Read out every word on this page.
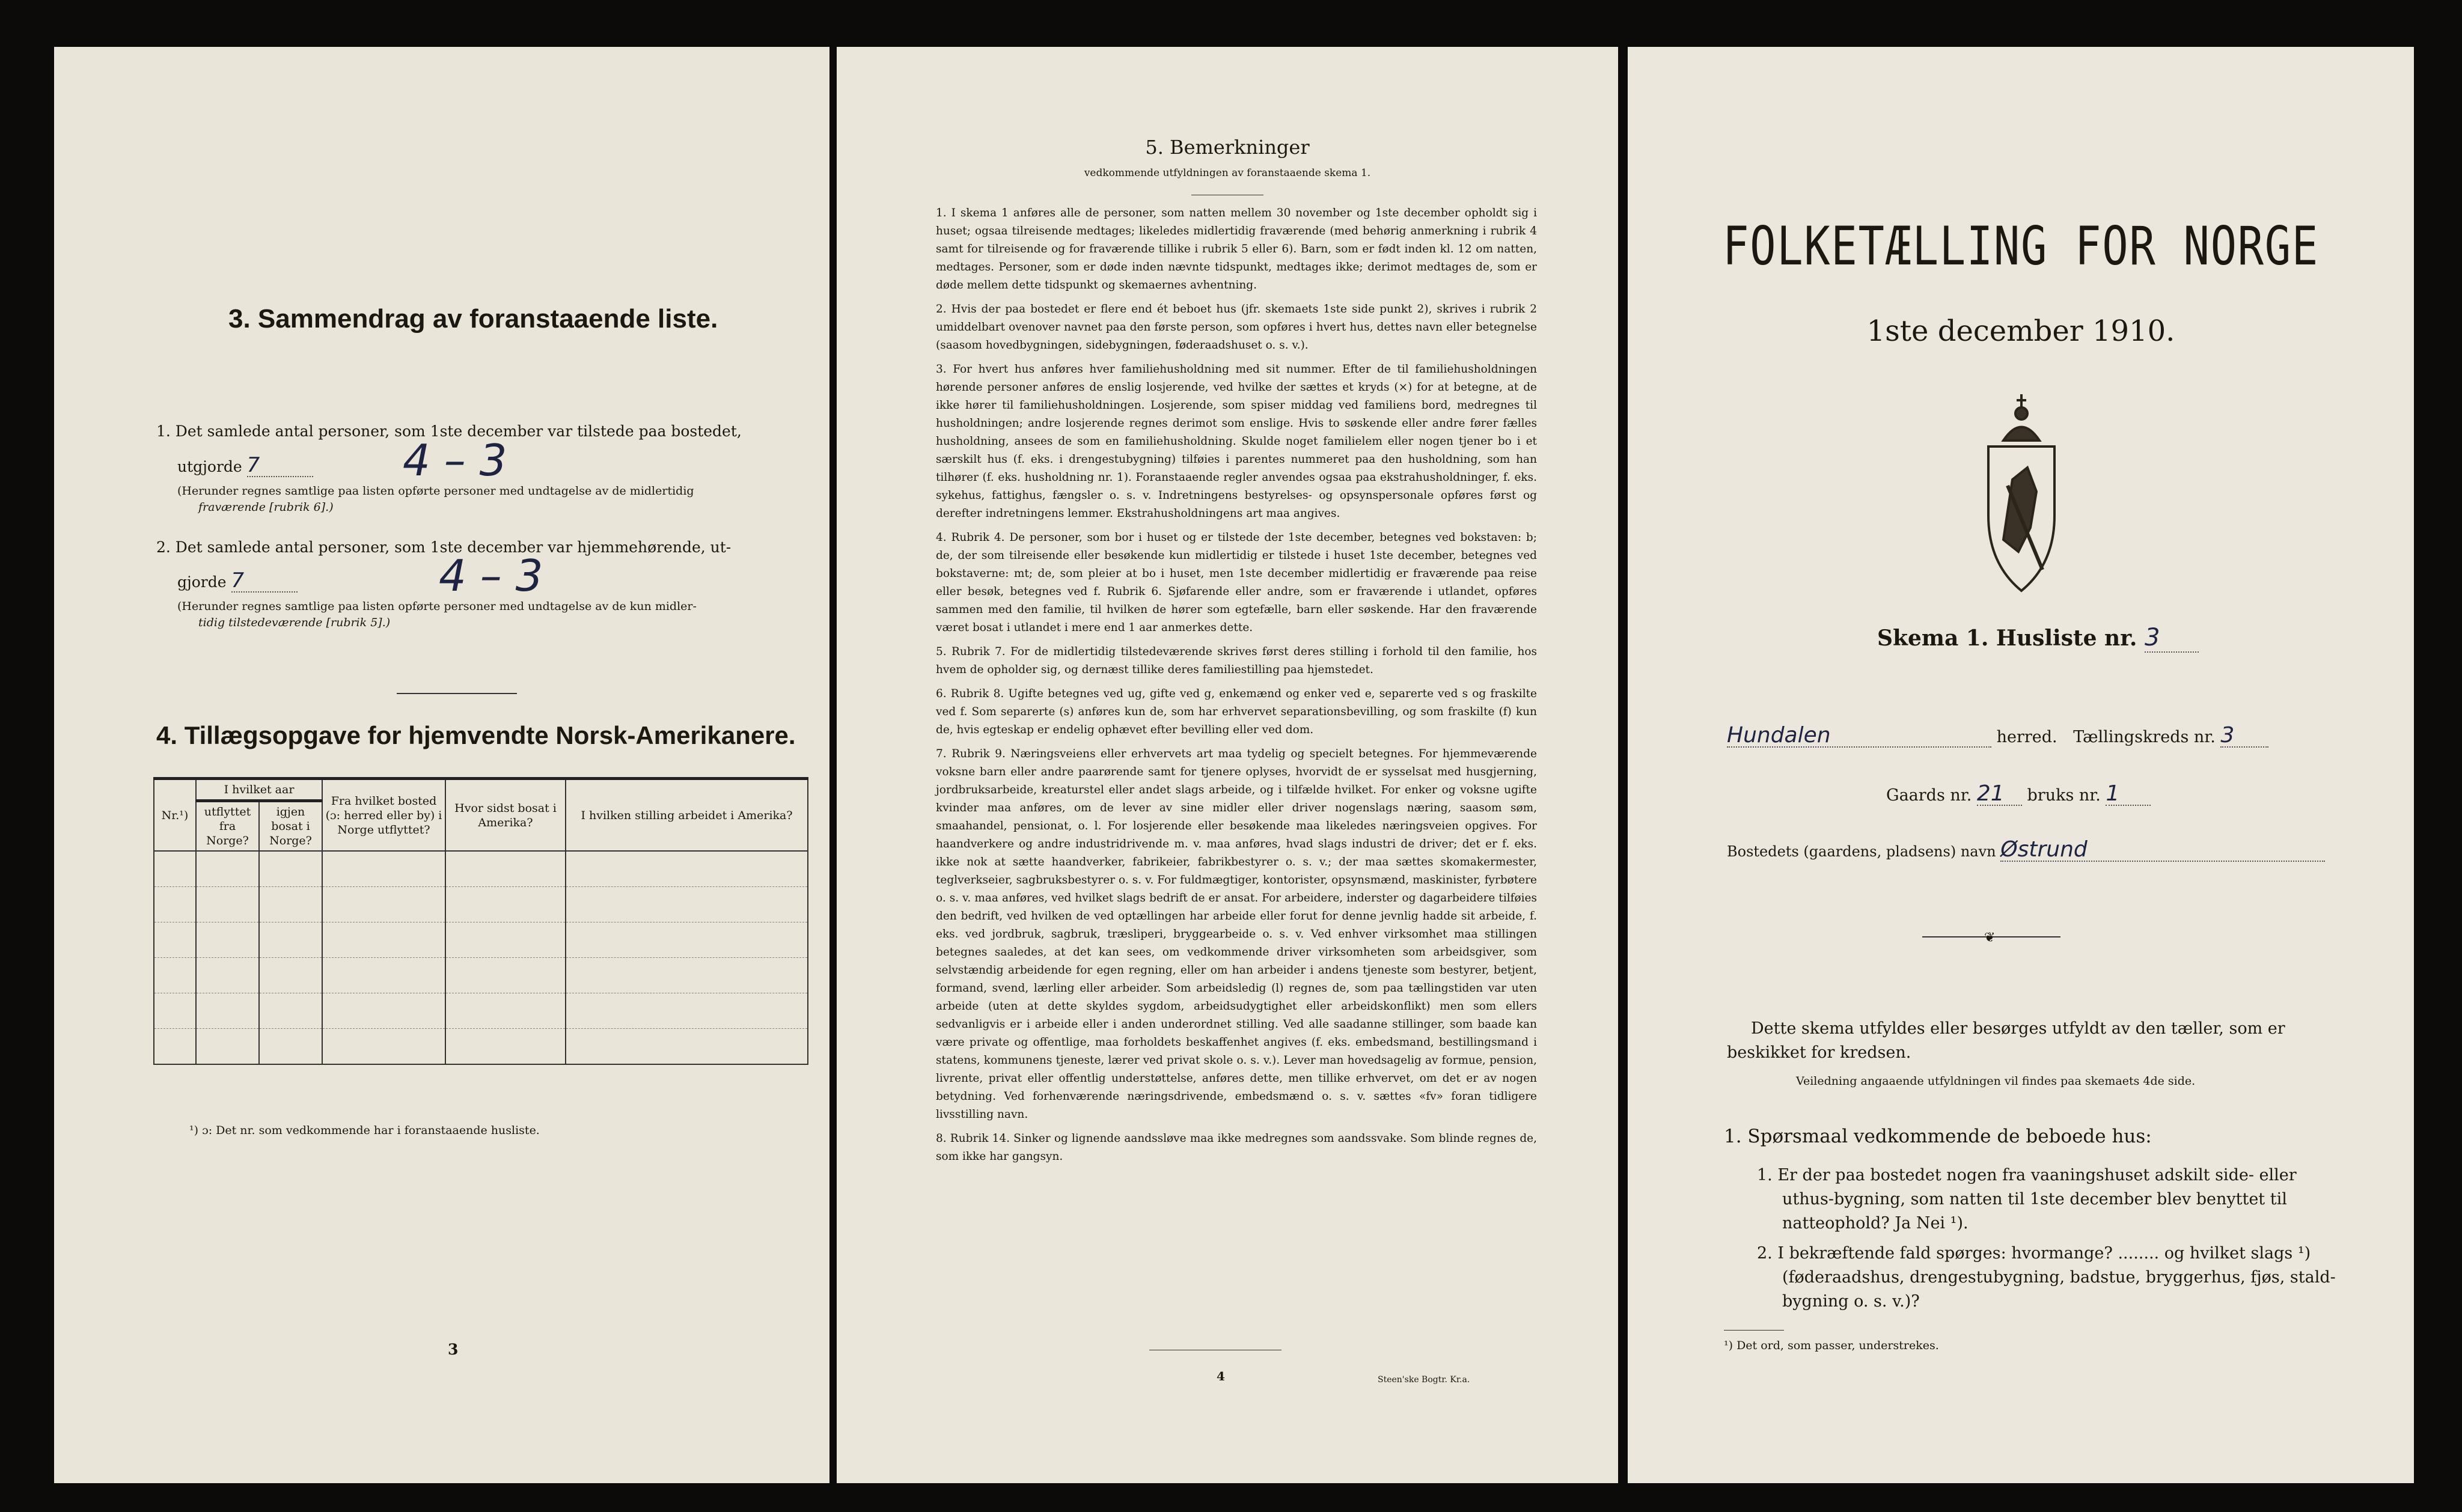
3. Sammendrag av foranstaaende liste.
1. Det samlede antal personer, som 1ste december var tilstede paa bostedet,
utgjorde 7	4 – 3
(Herunder regnes samtlige paa listen opførte personer med undtagelse av de midlertidig
fraværende [rubrik 6].)
2. Det samlede antal personer, som 1ste december var hjemmehørende, ut-
gjorde 7	4 – 3
(Herunder regnes samtlige paa listen opførte personer med undtagelse av de kun midler-
tidig tilstedeværende [rubrik 5].)
4. Tillægsopgave for hjemvendte Norsk-Amerikanere.
Nr.¹)	I hvilket aar		Fra hvilket bosted (ɔ: herred eller by) i Norge utflyttet?	Hvor sidst bosat i Amerika?	I hvilken stilling arbeidet i Amerika?
	utflyttet fra Norge?	igjen bosat i Norge?			

¹) ɔ: Det nr. som vedkommende har i foranstaaende husliste.
3
5. Bemerkninger
vedkommende utfyldningen av foranstaaende skema 1.

1. I skema 1 anføres alle de personer, som natten mellem 30 november og 1ste december opholdt sig i huset; ogsaa tilreisende medtages; likeledes midlertidig fraværende (med behørig anmerkning i rubrik 4 samt for tilreisende og for fraværende tillike i rubrik 5 eller 6). Barn, som er født inden kl. 12 om natten, medtages. Personer, som er døde inden nævnte tidspunkt, medtages ikke; derimot medtages de, som er døde mellem dette tidspunkt og skemaernes avhentning.

2. Hvis der paa bostedet er flere end ét beboet hus (jfr. skemaets 1ste side punkt 2), skrives i rubrik 2 umiddelbart ovenover navnet paa den første person, som opføres i hvert hus, dettes navn eller betegnelse (saasom hovedbygningen, sidebygningen, føderaadshuset o. s. v.).

3. For hvert hus anføres hver familiehusholdning med sit nummer. Efter de til familiehusholdningen hørende personer anføres de enslig losjerende, ved hvilke der sættes et kryds (×) for at betegne, at de ikke hører til familiehusholdningen. Losjerende, som spiser middag ved familiens bord, medregnes til husholdningen; andre losjerende regnes derimot som enslige. Hvis to søskende eller andre fører fælles husholdning, ansees de som en familiehusholdning. Skulde noget familielem eller nogen tjener bo i et særskilt hus (f. eks. i drengestubygning) tilføies i parentes nummeret paa den husholdning, som han tilhører (f. eks. husholdning nr. 1). Foranstaaende regler anvendes ogsaa paa ekstrahusholdninger, f. eks. sykehus, fattighus, fængsler o. s. v. Indretningens bestyrelses- og opsynspersonale opføres først og derefter indretningens lemmer. Ekstrahusholdningens art maa angives.

4. Rubrik 4. De personer, som bor i huset og er tilstede der 1ste december, betegnes ved bokstaven: b; de, der som tilreisende eller besøkende kun midlertidig er tilstede i huset 1ste december, betegnes ved bokstaverne: mt; de, som pleier at bo i huset, men 1ste december midlertidig er fraværende paa reise eller besøk, betegnes ved f. Rubrik 6. Sjøfarende eller andre, som er fraværende i utlandet, opføres sammen med den familie, til hvilken de hører som egtefælle, barn eller søskende. Har den fraværende været bosat i utlandet i mere end 1 aar anmerkes dette.

5. Rubrik 7. For de midlertidig tilstedeværende skrives først deres stilling i forhold til den familie, hos hvem de opholder sig, og dernæst tillike deres familiestilling paa hjemstedet.

6. Rubrik 8. Ugifte betegnes ved ug, gifte ved g, enkemænd og enker ved e, separerte ved s og fraskilte ved f. Som separerte (s) anføres kun de, som har erhvervet separationsbevilling, og som fraskilte (f) kun de, hvis egteskap er endelig ophævet efter bevilling eller ved dom.

7. Rubrik 9. Næringsveiens eller erhvervets art maa tydelig og specielt betegnes. For hjemmeværende voksne barn eller andre paarørende samt for tjenere oplyses, hvorvidt de er sysselsat med husgjerning, jordbruksarbeide, kreaturstel eller andet slags arbeide, og i tilfælde hvilket. For enker og voksne ugifte kvinder maa anføres, om de lever av sine midler eller driver nogenslags næring, saasom søm, smaahandel, pensionat, o. l. For losjerende eller besøkende maa likeledes næringsveien opgives. For haandverkere og andre industridrivende m. v. maa anføres, hvad slags industri de driver; det er f. eks. ikke nok at sætte haandverker, fabrikeier, fabrikbestyrer o. s. v.; der maa sættes skomakermester, teglverkseier, sagbruksbestyrer o. s. v. For fuldmægtiger, kontorister, opsynsmænd, maskinister, fyrbøtere o. s. v. maa anføres, ved hvilket slags bedrift de er ansat. For arbeidere, inderster og dagarbeidere tilføies den bedrift, ved hvilken de ved optællingen har arbeide eller forut for denne jevnlig hadde sit arbeide, f. eks. ved jordbruk, sagbruk, træsliperi, bryggearbeide o. s. v. Ved enhver virksomhet maa stillingen betegnes saaledes, at det kan sees, om vedkommende driver virksomheten som arbeidsgiver, som selvstændig arbeidende for egen regning, eller om han arbeider i andens tjeneste som bestyrer, betjent, formand, svend, lærling eller arbeider. Som arbeidsledig (l) regnes de, som paa tællingstiden var uten arbeide (uten at dette skyldes sygdom, arbeidsudygtighet eller arbeidskonflikt) men som ellers sedvanligvis er i arbeide eller i anden underordnet stilling. Ved alle saadanne stillinger, som baade kan være private og offentlige, maa forholdets beskaffenhet angives (f. eks. embedsmand, bestillingsmand i statens, kommunens tjeneste, lærer ved privat skole o. s. v.). Lever man hovedsagelig av formue, pension, livrente, privat eller offentlig understøttelse, anføres dette, men tillike erhvervet, om det er av nogen betydning. Ved forhenværende næringsdrivende, embedsmænd o. s. v. sættes «fv» foran tidligere livsstilling navn.

8. Rubrik 14. Sinker og lignende aandssløve maa ikke medregnes som aandssvake. Som blinde regnes de, som ikke har gangsyn.

4	Steen'ske Bogtr. Kr.a.
FOLKETÆLLING FOR NORGE
1ste december 1910.
Skema 1. Husliste nr. 3
Hundalen	herred. Tællingskreds nr. 3
Gaards nr. 21 bruks nr. 1
Bostedets (gaardens, pladsens) navn Østrund
❦
Dette skema utfyldes eller besørges utfyldt av den tæller, som er
beskikket for kredsen.
Veiledning angaaende utfyldningen vil findes paa skemaets 4de side.
1. Spørsmaal vedkommende de beboede hus:
1. Er der paa bostedet nogen fra vaaningshuset adskilt side- eller
uthus-bygning, som natten til 1ste december blev benyttet til
natteophold? Ja Nei ¹).
2. I bekræftende fald spørges: hvormange? ........ og hvilket slags ¹)
(føderaadshus, drengestubygning, badstue, bryggerhus, fjøs, stald-
bygning o. s. v.)?
¹) Det ord, som passer, understrekes.
